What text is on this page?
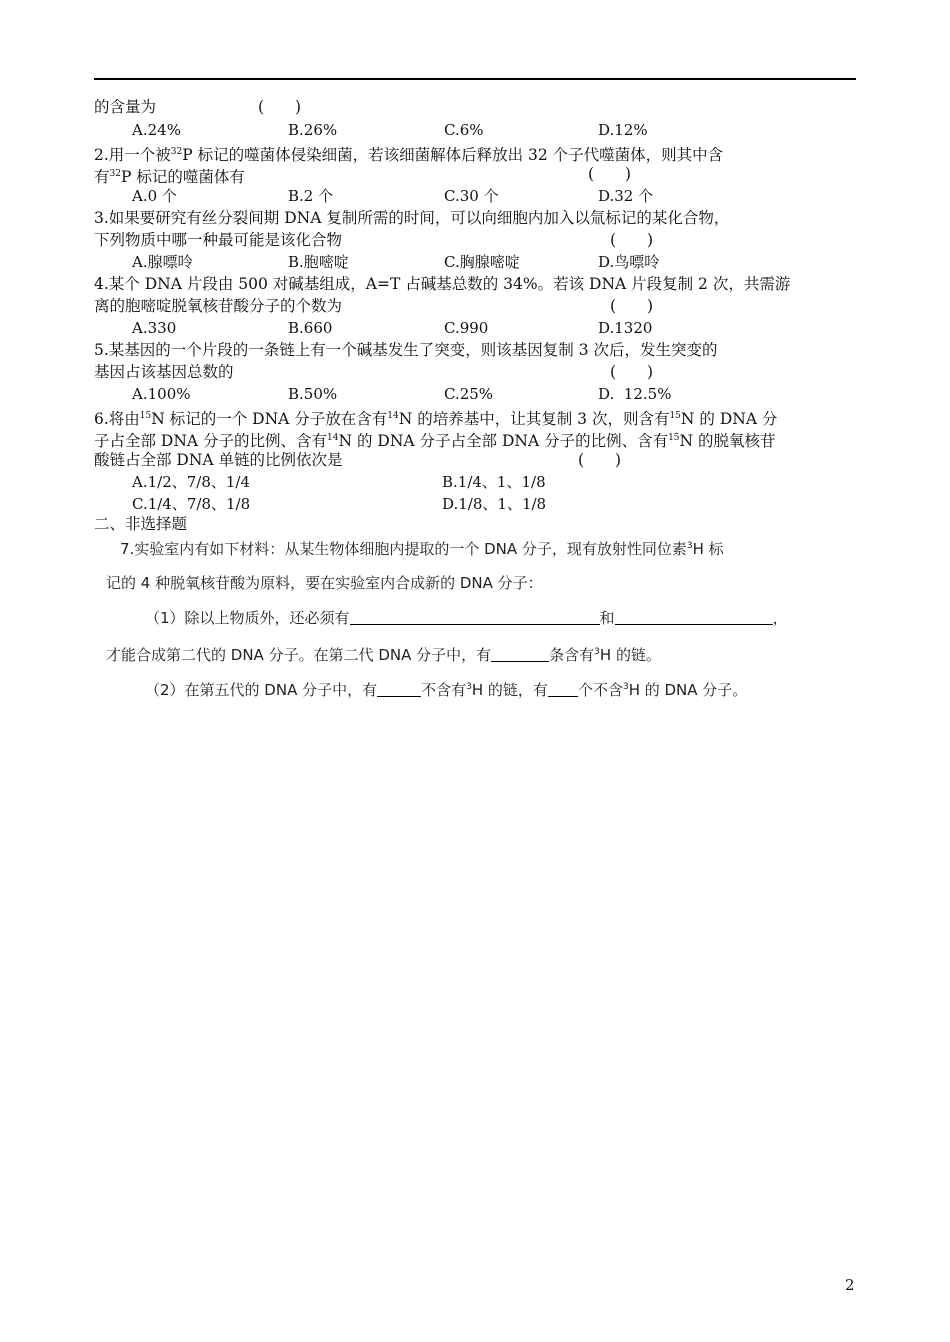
的含量为	(　　)
A.24%	B.26%	C.6%	D.12%
2.用一个被$^{32}$P 标记的噬菌体侵染细菌，若该细菌解体后释放出 32 个子代噬菌体，则其中含
有$^{32}$P 标记的噬菌体有	(　　)
A.0 个	B.2 个	C.30 个	D.32 个
3.如果要研究有丝分裂间期 DNA 复制所需的时间，可以向细胞内加入以氚标记的某化合物，
下列物质中哪一种最可能是该化合物	(　　)
A.腺嘌呤	B.胞嘧啶	C.胸腺嘧啶	D.鸟嘌呤
4.某个 DNA 片段由 500 对碱基组成，A=T 占碱基总数的 34%。若该 DNA 片段复制 2 次，共需游
离的胞嘧啶脱氧核苷酸分子的个数为	(　　)
A.330	B.660	C.990	D.1320
5.某基因的一个片段的一条链上有一个碱基发生了突变，则该基因复制 3 次后，发生突变的
基因占该基因总数的	(　　)
A.100%	B.50%	C.25%	D.  12.5%
6.将由$^{15}$N 标记的一个 DNA 分子放在含有$^{14}$N 的培养基中，让其复制 3 次，则含有$^{15}$N 的 DNA 分
子占全部 DNA 分子的比例、含有$^{14}$N 的 DNA 分子占全部 DNA 分子的比例、含有$^{15}$N 的脱氧核苷
酸链占全部 DNA 单链的比例依次是	(　　)
A.1/2、7/8、1/4	B.1/4、1、1/8
C.1/4、7/8、1/8	D.1/8、1、1/8
二、非选择题
7.实验室内有如下材料：从某生物体细胞内提取的一个 DNA 分子，现有放射性同位素$^3$H 标
记的 4 种脱氧核苷酸为原料，要在实验室内合成新的 DNA 分子：
（1）除以上物质外，还必须有	和	，
才能合成第二代的 DNA 分子。在第二代 DNA 分子中，有	条含有$^3$H 的链。
（2）在第五代的 DNA 分子中，有	不含有$^3$H 的链，有 个不含$^3$H 的 DNA 分子。
2
